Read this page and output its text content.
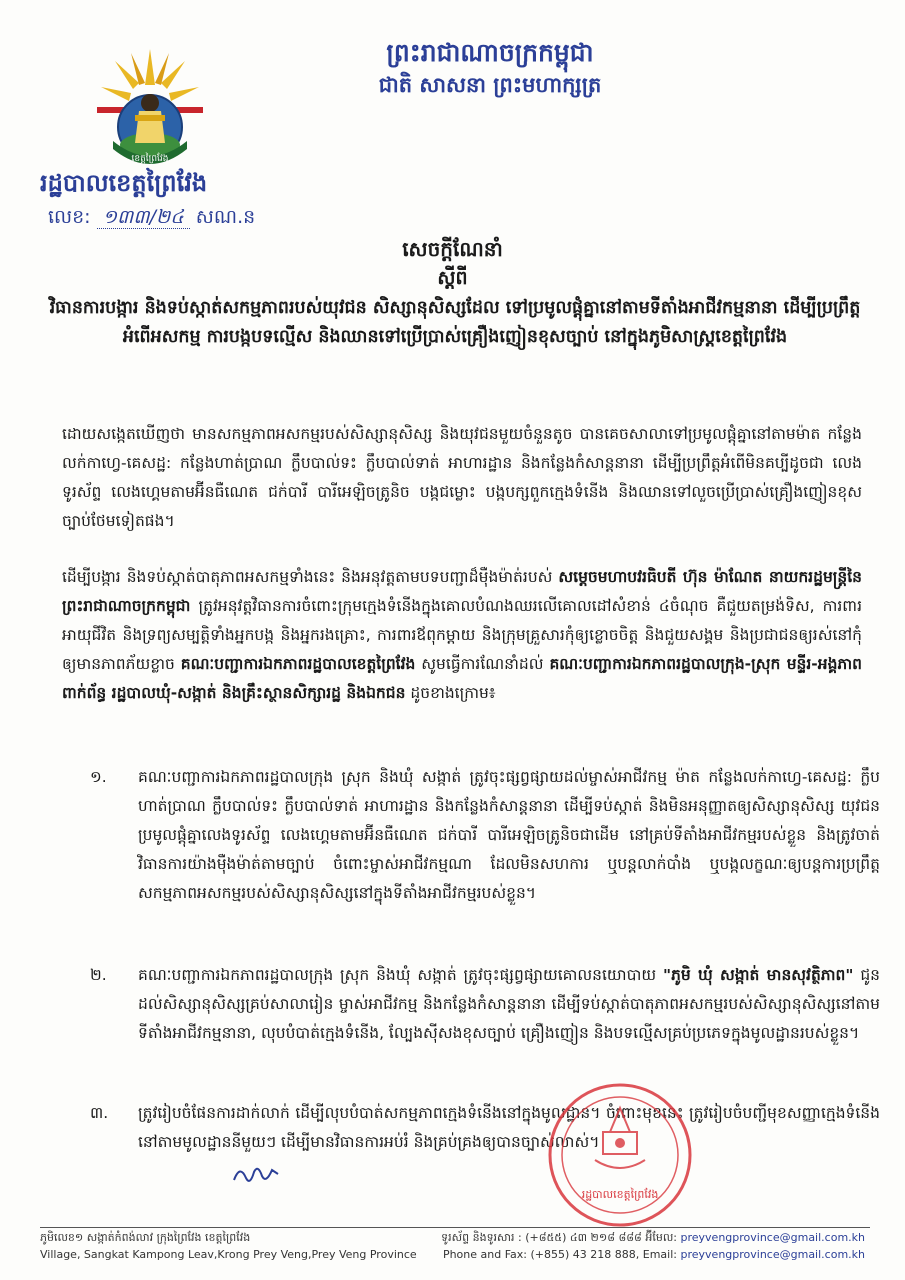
ព្រះរាជាណាចក្រកម្ពុជា
ជាតិ សាសនា ព្រះមហាក្សត្រ
ខេត្តព្រៃវែង
រដ្ឋបាលខេត្តព្រៃវែង
លេខ: ១៣៣/២៤ សណ.ន
សេចក្តីណែនាំ
ស្តីពី
វិធានការបង្ការ និងទប់ស្កាត់សកម្មភាពរបស់យុវជន សិស្សានុសិស្សដែល ទៅប្រមូលផ្តុំគ្នានៅតាមទីតាំងអាជីវកម្មនានា ដើម្បីប្រព្រឹត្តអំពើអសកម្ម ការបង្កបទល្មើស និងឈានទៅប្រើប្រាស់គ្រឿងញៀនខុសច្បាប់ នៅក្នុងភូមិសាស្ត្រខេត្តព្រៃវែង
ដោយសង្កេតឃើញថា មានសកម្មភាពអសកម្មរបស់សិស្សានុសិស្ស និងយុវជនមួយចំនួនតូច បានគេចសាលាទៅប្រមូលផ្តុំគ្នានៅតាមម៉ាត កន្លែងលក់កាហ្វេ-គេសដ្ឋ: កន្លែងហាត់ប្រាណ ក្លឹបបាល់ទះ ក្លឹបបាល់ទាត់ អាហារដ្ឋាន និងកន្លែងកំសាន្តនានា ដើម្បីប្រព្រឹត្តអំពើមិនគប្បីដូចជា លេងទូរស័ព្ទ លេងហ្គេមតាមអ៊ីនធឺណេត ជក់បារី បារីអេឡិចត្រូនិច បង្កជម្លោះ បង្កបក្សពួកក្មេងទំនើង និងឈានទៅលួចប្រើប្រាស់គ្រឿងញៀនខុសច្បាប់ថែមទៀតផង។
ដើម្បីបង្ការ និងទប់ស្កាត់បាតុភាពអសកម្មទាំងនេះ និងអនុវត្តតាមបទបញ្ជាដ៏ម៉ឺងម៉ាត់របស់ សម្តេចមហាបវរធិបតី ហ៊ុន ម៉ាណែត នាយករដ្ឋមន្ត្រីនៃព្រះរាជាណាចក្រកម្ពុជា ត្រូវអនុវត្តវិធានការចំពោះក្រុមក្មេងទំនើងក្នុងគោលបំណងឈរលើគោលដៅសំខាន់ ៤ចំណុច គឺជួយតម្រង់ទិស, ការពារអាយុជីវិត និងទ្រព្យសម្បត្តិទាំងអ្នកបង្ក និងអ្នករងគ្រោះ, ការពារឪពុកម្តាយ និងក្រុមគ្រួសារកុំឲ្យខ្លោចចិត្ត និងជួយសង្គម និងប្រជាជនឲ្យរស់នៅកុំឲ្យមានភាពភ័យខ្លាច គណៈបញ្ជាការឯកភាពរដ្ឋបាលខេត្តព្រៃវែង សូមធ្វើការណែនាំដល់ គណៈបញ្ជាការឯកភាពរដ្ឋបាលក្រុង-ស្រុក មន្ទីរ-អង្គភាពពាក់ព័ន្ធ រដ្ឋបាលឃុំ-សង្កាត់ និងគ្រឹះស្ថានសិក្សារដ្ឋ និងឯកជន ដូចខាងក្រោម៖
១.	គណៈបញ្ជាការឯកភាពរដ្ឋបាលក្រុង ស្រុក និងឃុំ សង្កាត់ ត្រូវចុះផ្សព្វផ្សាយដល់ម្ចាស់អាជីវកម្ម ម៉ាត កន្លែងលក់កាហ្វេ-គេសដ្ឋ: ក្លឹបហាត់ប្រាណ ក្លឹបបាល់ទះ ក្លឹបបាល់ទាត់ អាហារដ្ឋាន និងកន្លែងកំសាន្តនានា ដើម្បីទប់ស្កាត់ និងមិនអនុញ្ញាតឲ្យសិស្សានុសិស្ស យុវជន ប្រមូលផ្តុំគ្នាលេងទូរស័ព្ទ លេងហ្គេមតាមអ៊ីនធឺណេត ជក់បារី បារីអេឡិចត្រូនិចជាដើម នៅគ្រប់ទីតាំងអាជីវកម្មរបស់ខ្លួន និងត្រូវចាត់វិធានការយ៉ាងម៉ឺងម៉ាត់តាមច្បាប់ ចំពោះម្ចាស់អាជីវកម្មណា ដែលមិនសហការ ឬបន្តលាក់បាំង ឬបង្កលក្ខណៈឲ្យបន្តការប្រព្រឹត្តសកម្មភាពអសកម្មរបស់សិស្សានុសិស្សនៅក្នុងទីតាំងអាជីវកម្មរបស់ខ្លួន។
២.	គណៈបញ្ជាការឯកភាពរដ្ឋបាលក្រុង ស្រុក និងឃុំ សង្កាត់ ត្រូវចុះផ្សព្វផ្សាយគោលនយោបាយ "ភូមិ ឃុំ សង្កាត់ មានសុវត្ថិភាព" ជូនដល់សិស្សានុសិស្សគ្រប់សាលារៀន ម្ចាស់អាជីវកម្ម និងកន្លែងកំសាន្តនានា ដើម្បីទប់ស្កាត់បាតុភាពអសកម្មរបស់សិស្សានុសិស្សនៅតាមទីតាំងអាជីវកម្មនានា, លុបបំបាត់ក្មេងទំនើង, ល្បែងស៊ីសងខុសច្បាប់ គ្រឿងញៀន និងបទល្មើសគ្រប់ប្រភេទក្នុងមូលដ្ឋានរបស់ខ្លួន។
៣.	ត្រូវរៀបចំផែនការដាក់លាក់ ដើម្បីលុបបំបាត់សកម្មភាពក្មេងទំនើងនៅក្នុងមូលដ្ឋាន។ ចំពោះមុខនេះ ត្រូវរៀបចំបញ្ជីមុខសញ្ញាក្មេងទំនើងនៅតាមមូលដ្ឋាននីមួយៗ ដើម្បីមានវិធានការអប់រំ និងគ្រប់គ្រងឲ្យបានច្បាស់លាស់។
រដ្ឋបាលខេត្តព្រៃវែង
ភូមិលេខ១ សង្កាត់កំពង់លាវ ក្រុងព្រៃវែង ខេត្តព្រៃវែង
Village, Sangkat Kampong Leav,Krong Prey Veng,Prey Veng Province
ទូរស័ព្ទ និងទូរសារ : (+៨៥៥) ៤៣ ២១៨ ៨៨៨ អ៊ីមែល: preyvengprovince@gmail.com.kh
Phone and Fax: (+855) 43 218 888, Email: preyvengprovince@gmail.com.kh
